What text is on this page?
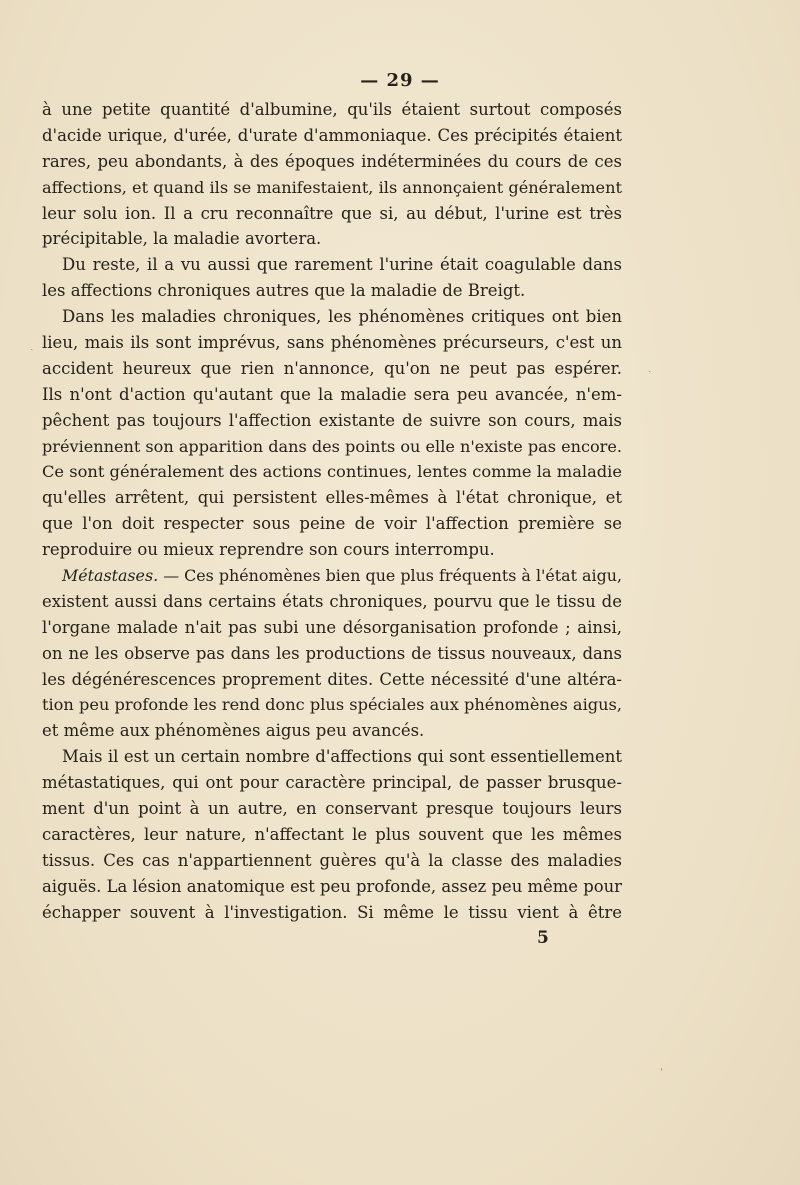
— 29 —
à une petite quantité d'albumine, qu'ils étaient surtout composés
d'acide urique, d'urée, d'urate d'ammoniaque. Ces précipités étaient
rares, peu abondants, à des époques indéterminées du cours de ces
affections, et quand ils se manifestaient, ils annonçaient généralement
leur solu ion. Il a cru reconnaître que si, au début, l'urine est très
précipitable, la maladie avortera.
Du reste, il a vu aussi que rarement l'urine était coagulable dans
les affections chroniques autres que la maladie de Breigt.
Dans les maladies chroniques, les phénomènes critiques ont bien
lieu, mais ils sont imprévus, sans phénomènes précurseurs, c'est un
accident heureux que rien n'annonce, qu'on ne peut pas espérer.
Ils n'ont d'action qu'autant que la maladie sera peu avancée, n'em-
pêchent pas toujours l'affection existante de suivre son cours, mais
préviennent son apparition dans des points ou elle n'existe pas encore.
Ce sont généralement des actions continues, lentes comme la maladie
qu'elles arrêtent, qui persistent elles-mêmes à l'état chronique, et
que l'on doit respecter sous peine de voir l'affection première se
reproduire ou mieux reprendre son cours interrompu.
Métastases. — Ces phénomènes bien que plus fréquents à l'état aigu,
existent aussi dans certains états chroniques, pourvu que le tissu de
l'organe malade n'ait pas subi une désorganisation profonde ; ainsi,
on ne les observe pas dans les productions de tissus nouveaux, dans
les dégénérescences proprement dites. Cette nécessité d'une altéra-
tion peu profonde les rend donc plus spéciales aux phénomènes aigus,
et même aux phénomènes aigus peu avancés.
Mais il est un certain nombre d'affections qui sont essentiellement
métastatiques, qui ont pour caractère principal, de passer brusque-
ment d'un point à un autre, en conservant presque toujours leurs
caractères, leur nature, n'affectant le plus souvent que les mêmes
tissus. Ces cas n'appartiennent guères qu'à la classe des maladies
aiguës. La lésion anatomique est peu profonde, assez peu même pour
échapper souvent à l'investigation. Si même le tissu vient à être
5
ˏ
ˏ
ˈ
